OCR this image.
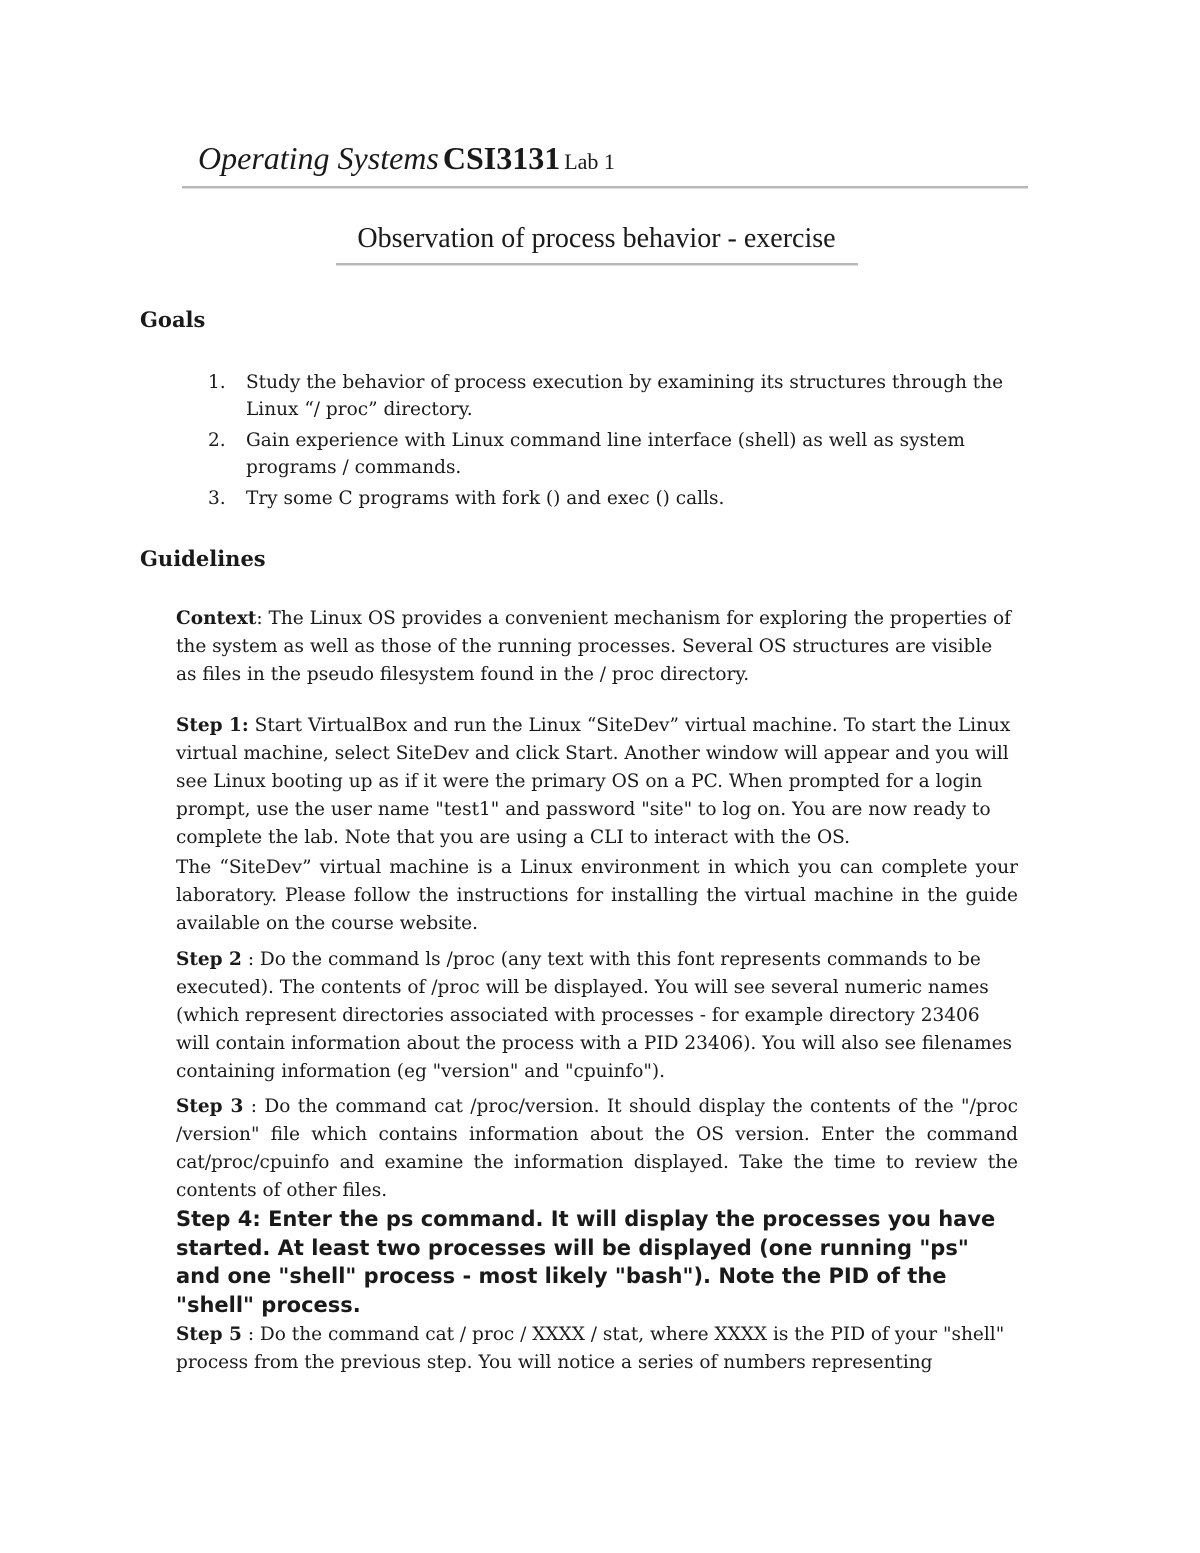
Operating Systems CSI3131 Lab 1
Observation of process behavior - exercise
Goals
1. Study the behavior of process execution by examining its structures through the Linux “/ proc” directory.
2. Gain experience with Linux command line interface (shell) as well as system programs / commands.
3. Try some C programs with fork () and exec () calls.
Guidelines
Context: The Linux OS provides a convenient mechanism for exploring the properties of the system as well as those of the running processes. Several OS structures are visible as files in the pseudo filesystem found in the / proc directory.
Step 1: Start VirtualBox and run the Linux “SiteDev” virtual machine. To start the Linux virtual machine, select SiteDev and click Start. Another window will appear and you will see Linux booting up as if it were the primary OS on a PC. When prompted for a login prompt, use the user name "test1" and password "site" to log on. You are now ready to complete the lab. Note that you are using a CLI to interact with the OS.
The “SiteDev” virtual machine is a Linux environment in which you can complete your laboratory. Please follow the instructions for installing the virtual machine in the guide available on the course website.
Step 2 : Do the command ls /proc (any text with this font represents commands to be executed). The contents of /proc will be displayed. You will see several numeric names (which represent directories associated with processes - for example directory 23406 will contain information about the process with a PID 23406). You will also see filenames containing information (eg "version" and "cpuinfo").
Step 3 : Do the command cat /proc/version. It should display the contents of the "/proc /version" file which contains information about the OS version. Enter the command cat/proc/cpuinfo and examine the information displayed. Take the time to review the contents of other files.
Step 4: Enter the ps command. It will display the processes you have started. At least two processes will be displayed (one running "ps" and one "shell" process - most likely "bash"). Note the PID of the "shell" process.
Step 5 : Do the command cat / proc / XXXX / stat, where XXXX is the PID of your "shell" process from the previous step. You will notice a series of numbers representing
